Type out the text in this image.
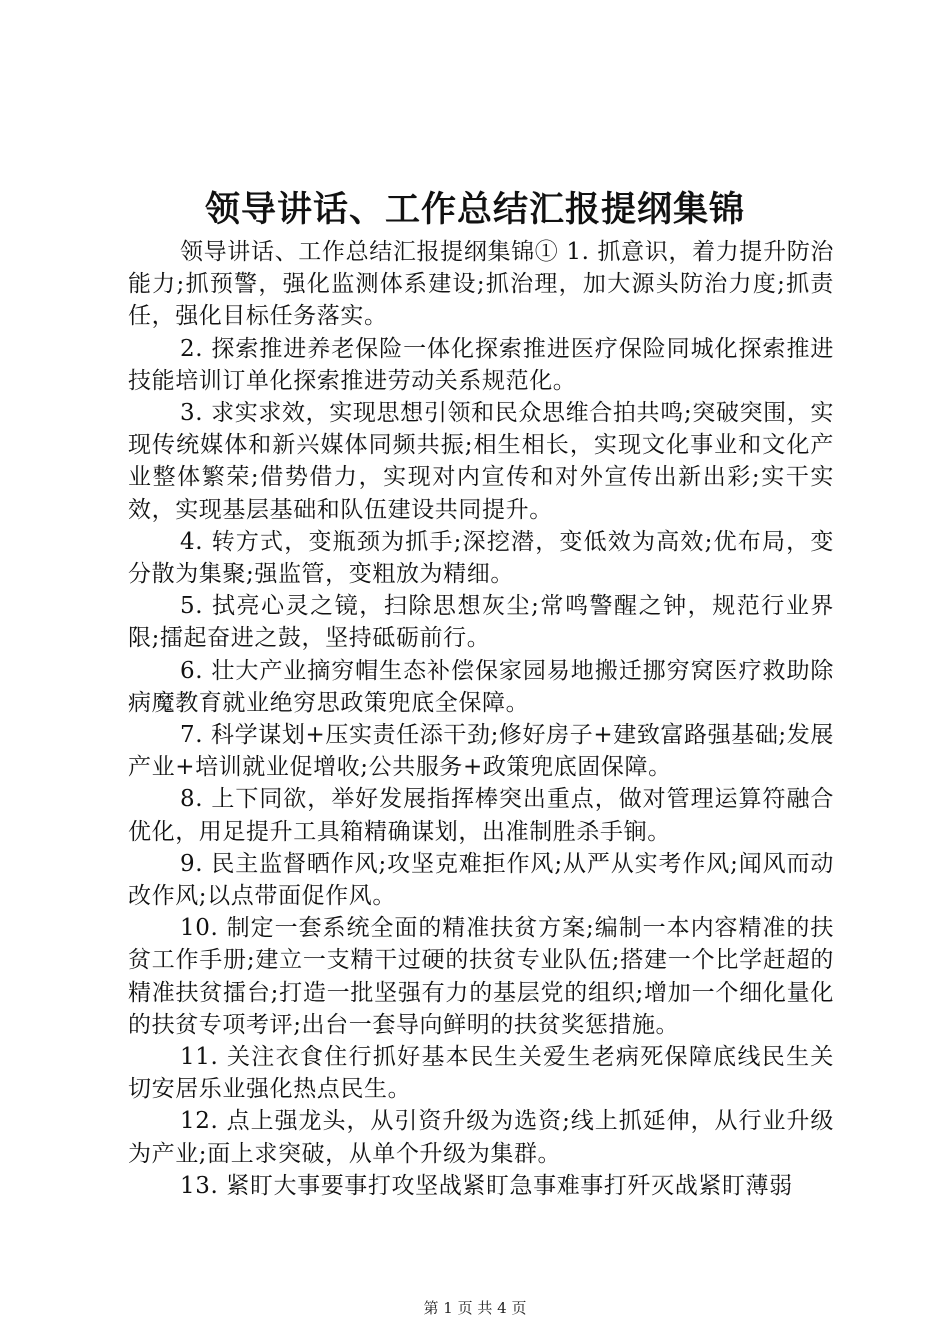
领导讲话、工作总结汇报提纲集锦

领导讲话、工作总结汇报提纲集锦① 1. 抓意识，着力提升防治能力;抓预警，强化监测体系建设;抓治理，加大源头防治力度;抓责任，强化目标任务落实。

2. 探索推进养老保险一体化探索推进医疗保险同城化探索推进技能培训订单化探索推进劳动关系规范化。

3. 求实求效，实现思想引领和民众思维合拍共鸣;突破突围，实现传统媒体和新兴媒体同频共振;相生相长，实现文化事业和文化产业整体繁荣;借势借力，实现对内宣传和对外宣传出新出彩;实干实效，实现基层基础和队伍建设共同提升。

4. 转方式，变瓶颈为抓手;深挖潜，变低效为高效;优布局，变分散为集聚;强监管，变粗放为精细。

5. 拭亮心灵之镜，扫除思想灰尘;常鸣警醒之钟，规范行业界限;擂起奋进之鼓，坚持砥砺前行。

6. 壮大产业摘穷帽生态补偿保家园易地搬迁挪穷窝医疗救助除病魔教育就业绝穷思政策兜底全保障。

7. 科学谋划+压实责任添干劲;修好房子+建致富路强基础;发展产业+培训就业促增收;公共服务+政策兜底固保障。

8. 上下同欲，举好发展指挥棒突出重点，做对管理运算符融合优化，用足提升工具箱精确谋划，出准制胜杀手锏。

9. 民主监督晒作风;攻坚克难拒作风;从严从实考作风;闻风而动改作风;以点带面促作风。

10. 制定一套系统全面的精准扶贫方案;编制一本内容精准的扶贫工作手册;建立一支精干过硬的扶贫专业队伍;搭建一个比学赶超的精准扶贫擂台;打造一批坚强有力的基层党的组织;增加一个细化量化的扶贫专项考评;出台一套导向鲜明的扶贫奖惩措施。

11. 关注衣食住行抓好基本民生关爱生老病死保障底线民生关切安居乐业强化热点民生。

12. 点上强龙头，从引资升级为选资;线上抓延伸，从行业升级为产业;面上求突破，从单个升级为集群。

13. 紧盯大事要事打攻坚战紧盯急事难事打歼灭战紧盯薄弱

第 1 页 共 4 页
